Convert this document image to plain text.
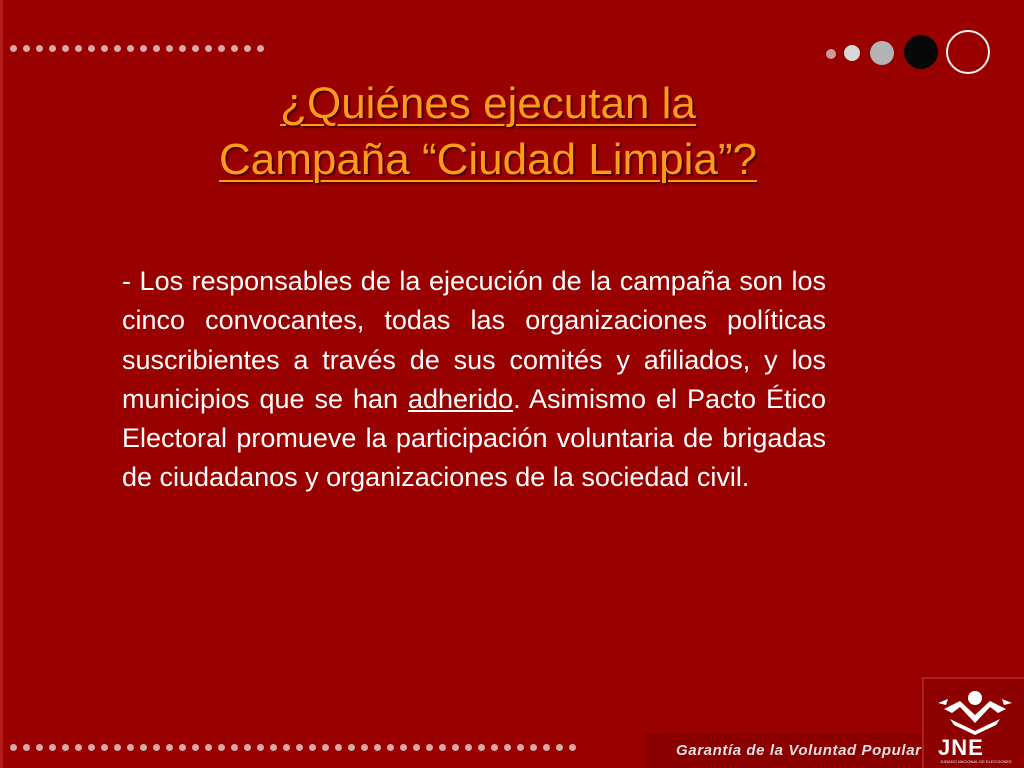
¿Quiénes ejecutan la
Campaña “Ciudad Limpia”?
- Los responsables de la ejecución de la campaña son los cinco convocantes, todas las organizaciones políticas suscribientes a través de sus comités y afiliados, y los municipios que se han adherido. Asimismo el Pacto Ético Electoral promueve la participación voluntaria de brigadas de ciudadanos y organizaciones de la sociedad civil.
Garantía de la Voluntad Popular JNE
JURADO NACIONAL DE ELECCIONES
